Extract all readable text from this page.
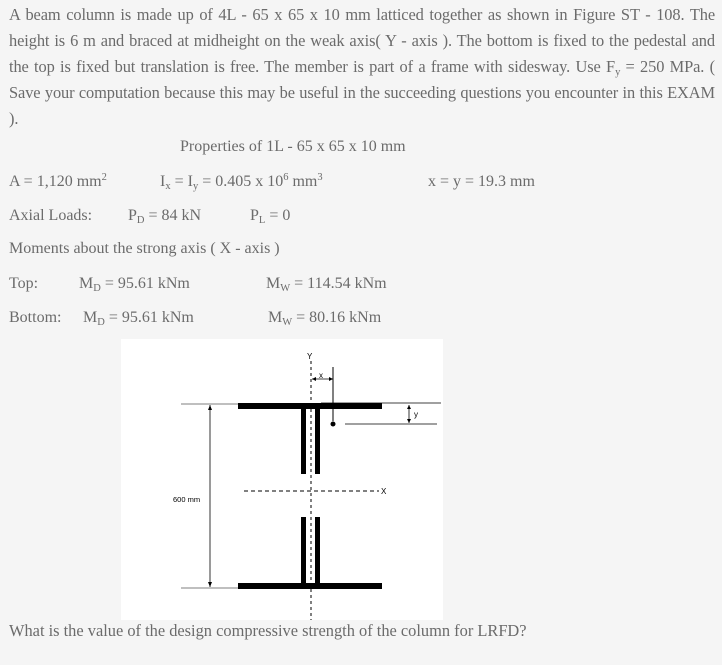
A beam column is made up of 4L - 65 x 65 x 10 mm latticed together as shown in Figure ST - 108. The height is 6 m and braced at midheight on the weak axis( Y - axis ). The bottom is fixed to the pedestal and the top is fixed but translation is free. The member is part of a frame with sidesway. Use $F_y = 250$ MPa. ( Save your computation because this may be useful in the succeeding questions you encounter in this EXAM ).
Properties of 1L - 65 x 65 x 10 mm
A = 1,120 $mm^2$	$I_x = I_y = 0.405$ x $10^6$ $mm^3$	x = y = 19.3 mm
Axial Loads: $P_D = 84$ kN	$P_L = 0$
Moments about the strong axis ( X - axis )
Top:	$M_D = 95.61$ kNm	$M_W = 114.54$ kNm
Bottom: $M_D = 95.61$ kNm	$M_W = 80.16$ kNm
Y
x
y
X
600 mm
What is the value of the design compressive strength of the column for LRFD?
